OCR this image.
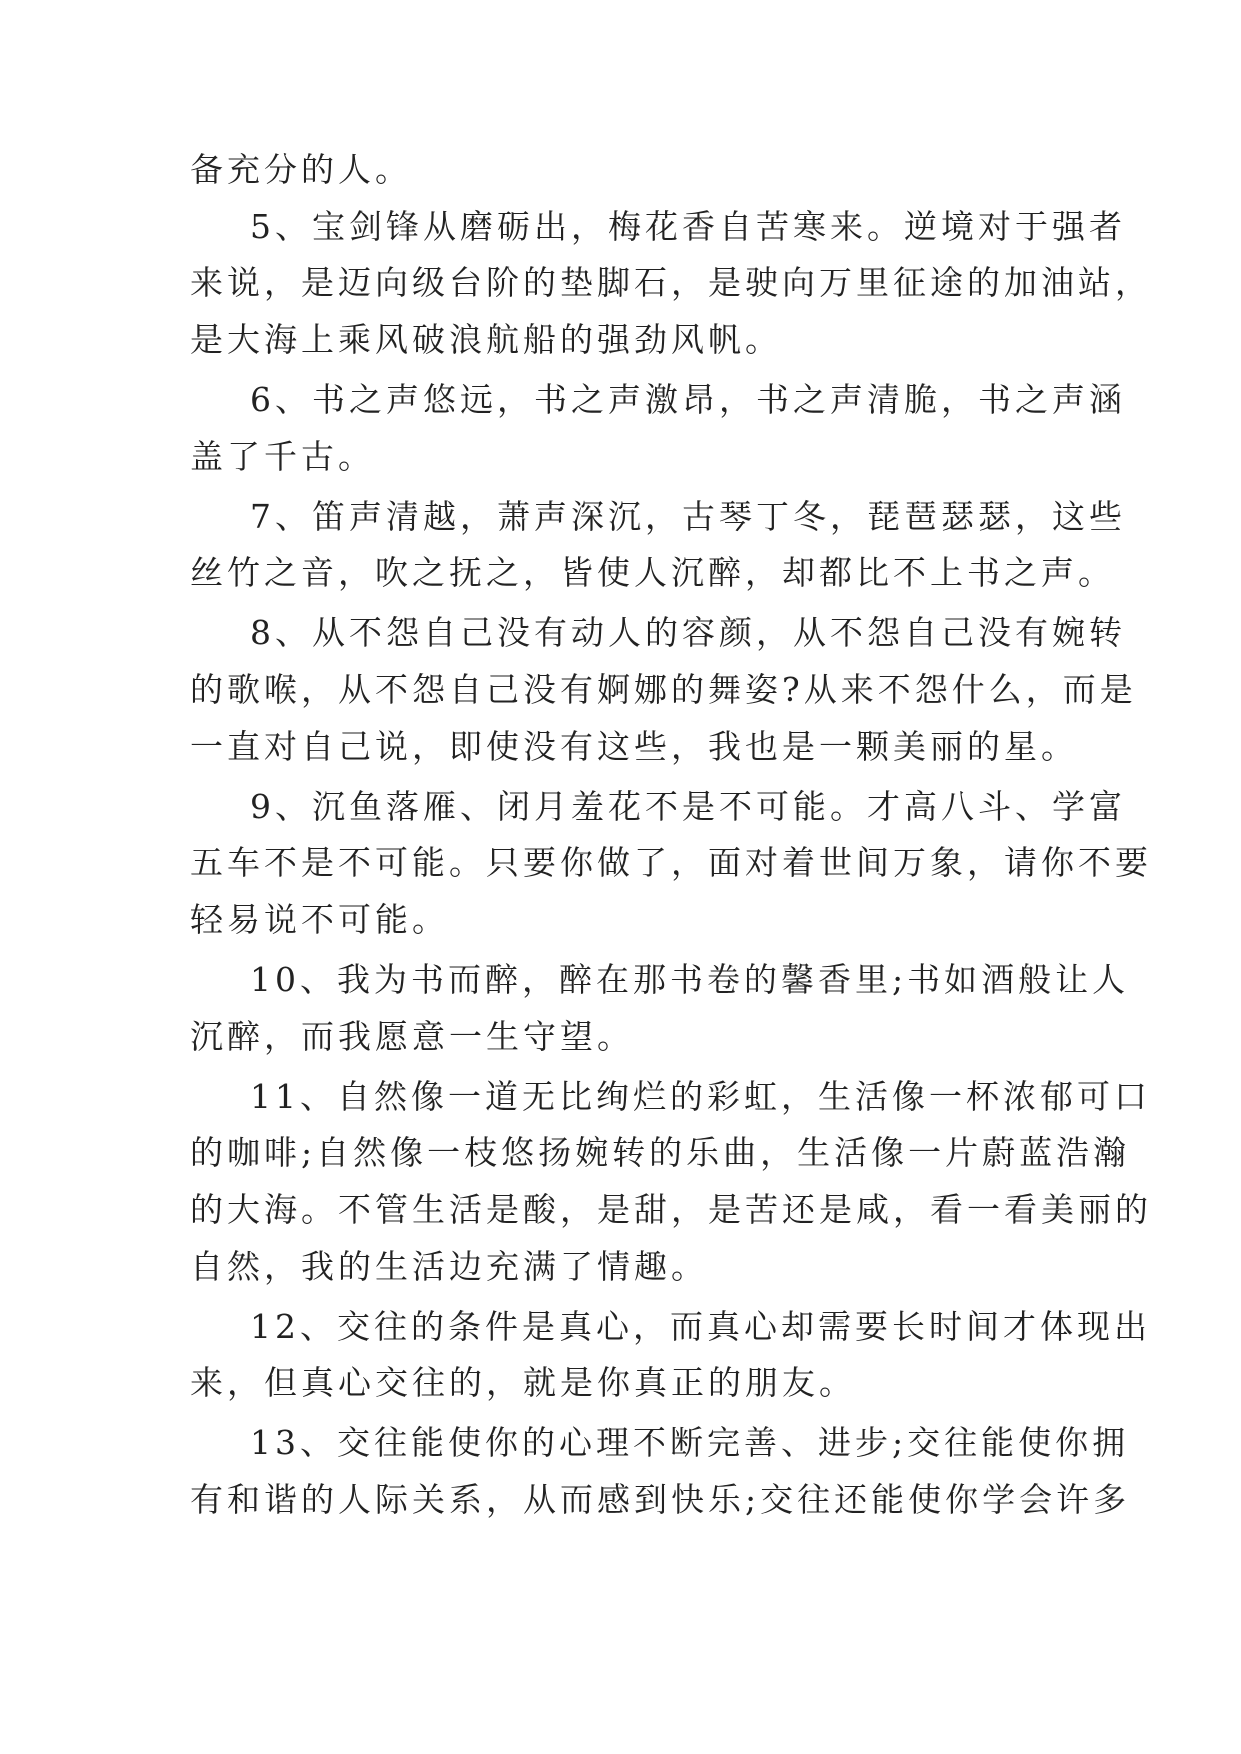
备充分的人。
5、宝剑锋从磨砺出，梅花香自苦寒来。逆境对于强者
来说，是迈向级台阶的垫脚石，是驶向万里征途的加油站，
是大海上乘风破浪航船的强劲风帆。
6、书之声悠远，书之声激昂，书之声清脆，书之声涵
盖了千古。
7、笛声清越，萧声深沉，古琴丁冬，琵琶瑟瑟，这些
丝竹之音，吹之抚之，皆使人沉醉，却都比不上书之声。
8、从不怨自己没有动人的容颜，从不怨自己没有婉转
的歌喉，从不怨自己没有婀娜的舞姿?从来不怨什么，而是
一直对自己说，即使没有这些，我也是一颗美丽的星。
9、沉鱼落雁、闭月羞花不是不可能。才高八斗、学富
五车不是不可能。只要你做了，面对着世间万象，请你不要
轻易说不可能。
10、我为书而醉，醉在那书卷的馨香里;书如酒般让人
沉醉，而我愿意一生守望。
11、自然像一道无比绚烂的彩虹，生活像一杯浓郁可口
的咖啡;自然像一枝悠扬婉转的乐曲，生活像一片蔚蓝浩瀚
的大海。不管生活是酸，是甜，是苦还是咸，看一看美丽的
自然，我的生活边充满了情趣。
12、交往的条件是真心，而真心却需要长时间才体现出
来，但真心交往的，就是你真正的朋友。
13、交往能使你的心理不断完善、进步;交往能使你拥
有和谐的人际关系，从而感到快乐;交往还能使你学会许多
